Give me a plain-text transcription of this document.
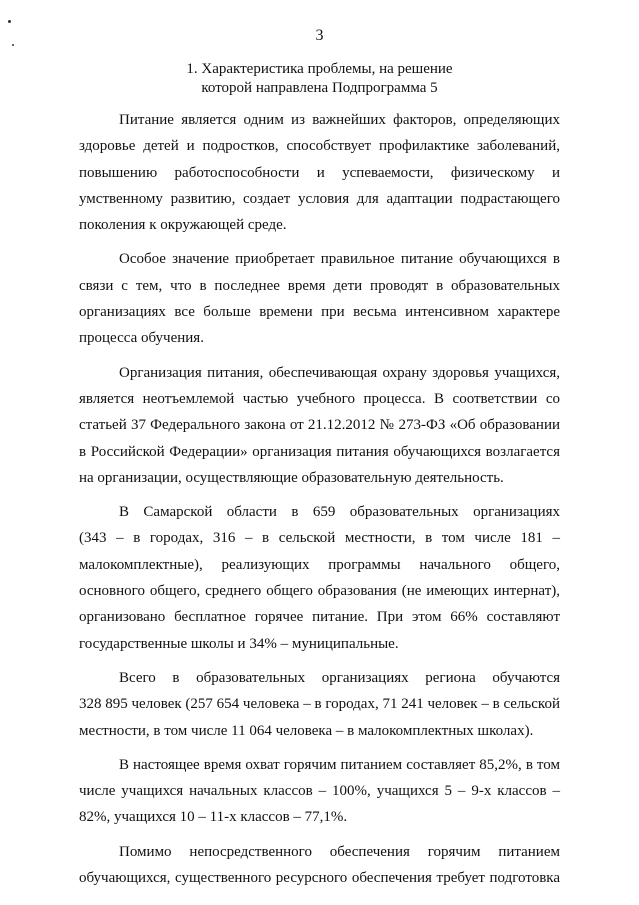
3
1. Характеристика проблемы, на решение
которой направлена Подпрограмма 5

Питание является одним из важнейших факторов, определяющих
здоровье детей и подростков, способствует профилактике заболеваний,
повышению работоспособности и успеваемости, физическому и
умственному развитию, создает условия для адаптации подрастающего
поколения к окружающей среде.

Особое значение приобретает правильное питание обучающихся в
связи с тем, что в последнее время дети проводят в образовательных
организациях все больше времени при весьма интенсивном характере
процесса обучения.

Организация питания, обеспечивающая охрану здоровья учащихся,
является неотъемлемой частью учебного процесса. В соответствии со
статьей 37 Федерального закона от 21.12.2012 № 273-ФЗ «Об образовании
в Российской Федерации» организация питания обучающихся возлагается
на организации, осуществляющие образовательную деятельность.

В Самарской области в 659 образовательных организациях
(343 – в городах, 316 – в сельской местности, в том числе 181 –
малокомплектные), реализующих программы начального общего,
основного общего, среднего общего образования (не имеющих интернат),
организовано бесплатное горячее питание. При этом 66% составляют
государственные школы и 34% – муниципальные.

Всего в образовательных организациях региона обучаются
328 895 человек (257 654 человека – в городах, 71 241 человек – в сельской
местности, в том числе 11 064 человека – в малокомплектных школах).

В настоящее время охват горячим питанием составляет 85,2%, в том
числе учащихся начальных классов – 100%, учащихся 5 – 9-х классов –
82%, учащихся 10 – 11-х классов – 77,1%.

Помимо непосредственного обеспечения горячим питанием
обучающихся, существенного ресурсного обеспечения требует подготовка
